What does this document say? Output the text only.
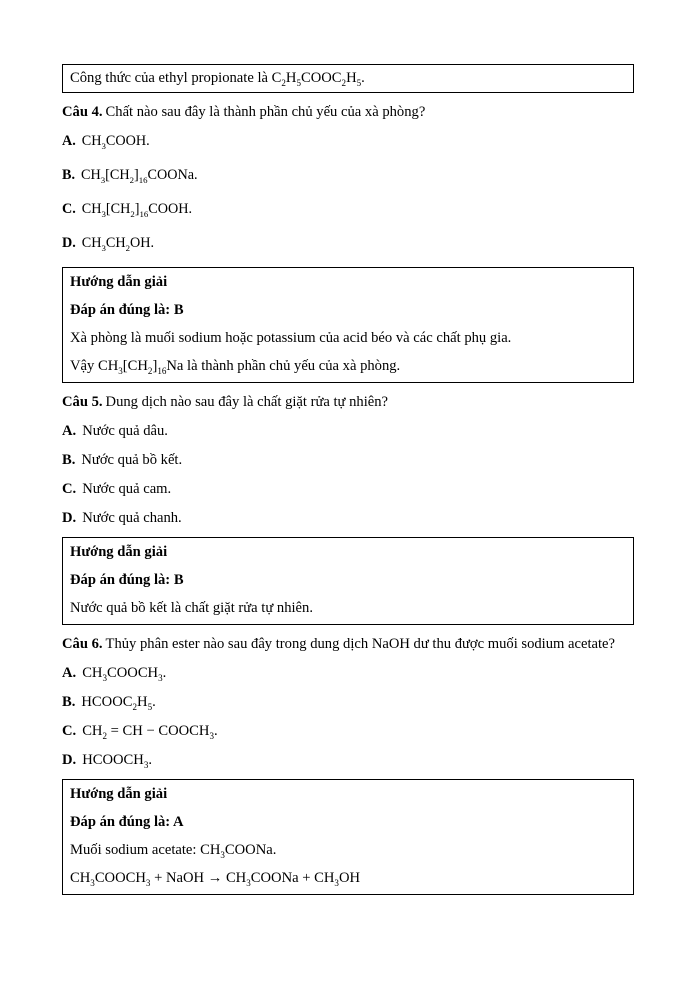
Công thức của ethyl propionate là $C_2H_5COOC_2H_5$.

Câu 4. Chất nào sau đây là thành phần chủ yếu của xà phòng?

A. $CH_3COOH$.

B. $CH_3[CH_2]_{16}COONa$.

C. $CH_3[CH_2]_{16}COOH$.

D. $CH_3CH_2OH$.

Hướng dẫn giải

Đáp án đúng là: B

Xà phòng là muối sodium hoặc potassium của acid béo và các chất phụ gia.

Vậy $CH_3[CH_2]_{16}Na$ là thành phần chủ yếu của xà phòng.

Câu 5. Dung dịch nào sau đây là chất giặt rửa tự nhiên?

A. Nước quả dâu.

B. Nước quả bồ kết.

C. Nước quả cam.

D. Nước quả chanh.

Hướng dẫn giải

Đáp án đúng là: B

Nước quả bồ kết là chất giặt rửa tự nhiên.

Câu 6. Thủy phân ester nào sau đây trong dung dịch NaOH dư thu được muối sodium acetate?

A. $CH_3COOCH_3$.

B. $HCOOC_2H_5$.

C. $CH_2$ = CH − $COOCH_3$.

D. $HCOOCH_3$.

Hướng dẫn giải

Đáp án đúng là: A

Muối sodium acetate: $CH_3COONa$.

$CH_3COOCH_3$ + NaOH → $CH_3COONa + CH_3OH$
